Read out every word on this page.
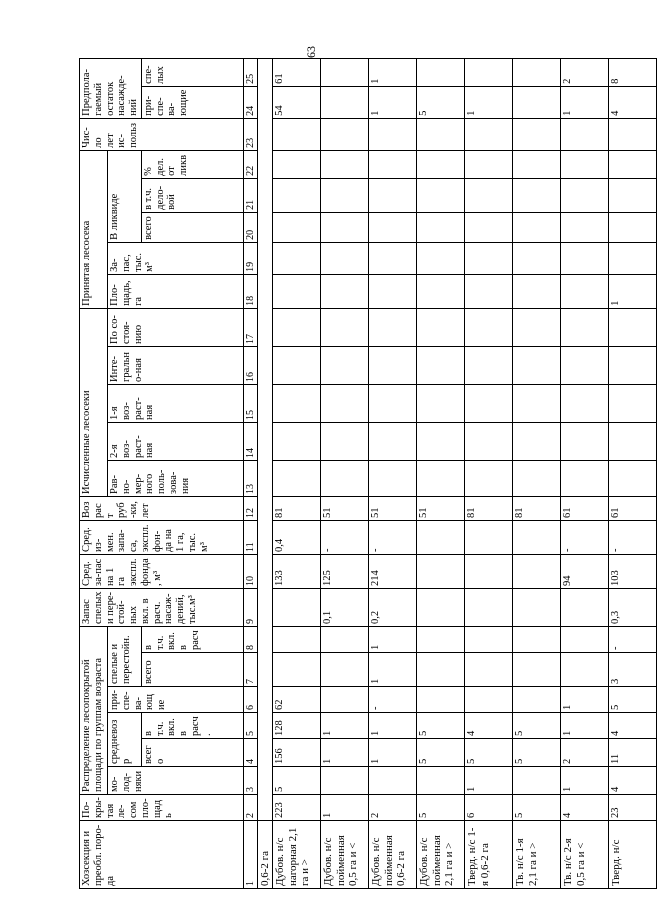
63
Хозсекция и преобл. поро-да	По-кры-тая ле-сом пло-щадь	Распределение лесопокрытой площади по группам возраста						Запас спелых и пере-стой-ных вкл. в расч. насаж-дений, тыс.м³	Сред. за-пас на 1 га экспл. фонда, м³	Сред. из-мен. запа-са, экспл. фон-да на 1 га, тыс. м³	Воз раст руб-ки, лет	Исчисленные лесосеки					Принятая лесосека					Чис-ло лет ис-польз	Предпола-гаемый остаток насажде-ний	
		мо-лод-няки	средневозр		при-спе-ва-ющие	спелые и перестойн.						Рав-но-мер-ного поль-зова-ния	2-я воз-раст-ная	1-я воз-раст-ная	Инте-грально-ная	По со-стоя-нию	Пло-щадь, га	За-пас, тыс. м³	В ликвиде					
			всего	в т.ч. вкл. в расч.		всего	в т.ч. вкл. в расч												всего	в т.ч. дело-вой	% дел. от ликв		при-спе-ва-ющие	спе-лых

1	2	3	4	5	6	7	8	9	10	11	12	13	14	15	16	17	18	19	20	21	22	23	24	25
0,6-2 га																								
Дубов. н/с нагорная 2,1 га и >	223	5	156	128	62				133	0,4	81												54	61
Дубов. н/с пойменная 0,5 га и <	1		1	1				0,1	125	-	51													
Дубов. н/с пойменная 0,6-2 га	2		1	1	-	1	1	0,2	214	-	51												1	1
Дубов. н/с пойменная 2,1 га и >	5		5	5							51												5	
Тверд. н/с 1-я 0,6-2 га	6	1	5	4							81												1	
Тв. н/с 1-я 2,1 га и >	5		5	5							81													
Тв. н/с 2-я 0,5 га и <	4	1	2	1	1				94	-	61												1	2
Тверд. н/с	23	4	11	4	5	3	-	0,3	103	-	61						1						4	8
